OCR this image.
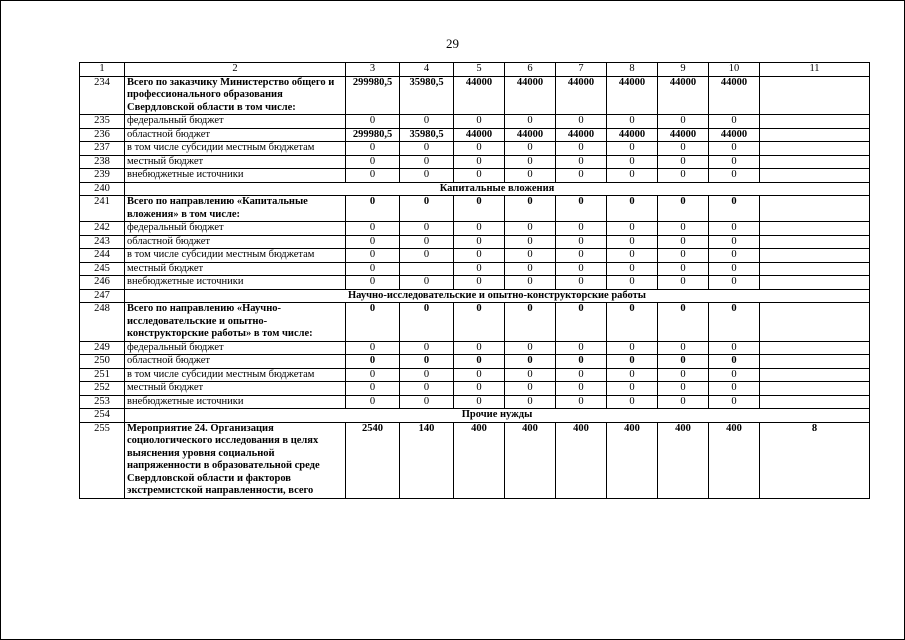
29
1	2	3	4	5	6	7	8	9	10	11
234	Всего по заказчику Министерство общего и профессионального образования Свердловской области в том числе:	299980,5	35980,5	44000	44000	44000	44000	44000	44000	
235	федеральный бюджет	0	0	0	0	0	0	0	0	
236	областной бюджет	299980,5	35980,5	44000	44000	44000	44000	44000	44000	
237	в том числе субсидии местным бюджетам	0	0	0	0	0	0	0	0	
238	местный бюджет	0	0	0	0	0	0	0	0	
239	внебюджетные источники	0	0	0	0	0	0	0	0	
240	Капитальные вложения									
241	Всего по направлению «Капитальные вложения» в том числе:	0	0	0	0	0	0	0	0	
242	федеральный бюджет	0	0	0	0	0	0	0	0	
243	областной бюджет	0	0	0	0	0	0	0	0	
244	в том числе субсидии местным бюджетам	0	0	0	0	0	0	0	0	
245	местный бюджет	0		0	0	0	0	0	0	
246	внебюджетные источники	0	0	0	0	0	0	0	0	
247	Научно-исследовательские и опытно-конструкторские работы									
248	Всего по направлению «Научно-исследовательские и опытно-конструкторские работы» в том числе:	0	0	0	0	0	0	0	0	
249	федеральный бюджет	0	0	0	0	0	0	0	0	
250	областной бюджет	0	0	0	0	0	0	0	0	
251	в том числе субсидии местным бюджетам	0	0	0	0	0	0	0	0	
252	местный бюджет	0	0	0	0	0	0	0	0	
253	внебюджетные источники	0	0	0	0	0	0	0	0	
254	Прочие нужды									
255	Мероприятие 24. Организация социологического исследования в целях выяснения уровня социальной напряженности в образовательной среде Свердловской области и факторов экстремистской направленности, всего	2540	140	400	400	400	400	400	400	8
